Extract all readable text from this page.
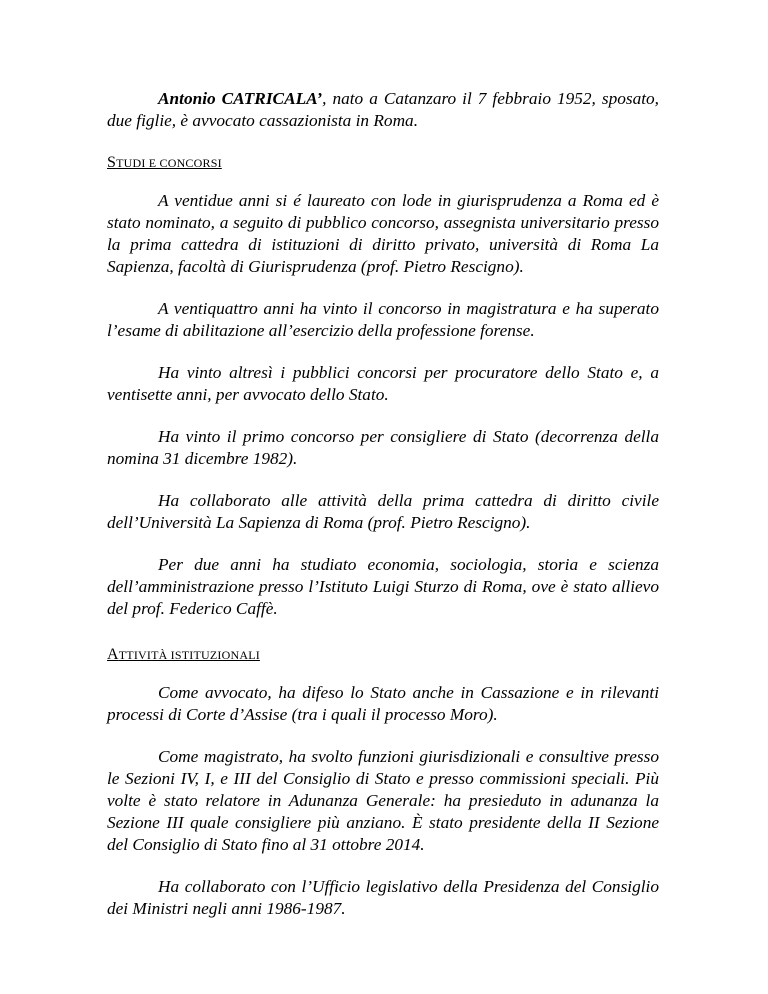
Antonio CATRICALA’, nato a Catanzaro il 7 febbraio 1952, sposato, due figlie, è avvocato cassazionista in Roma.

STUDI E CONCORSI

A ventidue anni si é laureato con lode in giurisprudenza a Roma ed è stato nominato, a seguito di pubblico concorso, assegnista universitario presso la prima cattedra di istituzioni di diritto privato, università di Roma La Sapienza, facoltà di Giurisprudenza (prof. Pietro Rescigno).

A ventiquattro anni ha vinto il concorso in magistratura e ha superato l’esame di abilitazione all’esercizio della professione forense.

Ha vinto altresì i pubblici concorsi per procuratore dello Stato e, a ventisette anni, per avvocato dello Stato.

Ha vinto il primo concorso per consigliere di Stato (decorrenza della nomina 31 dicembre 1982).

Ha collaborato alle attività della prima cattedra di diritto civile dell’Università La Sapienza di Roma (prof. Pietro Rescigno).

Per due anni ha studiato economia, sociologia, storia e scienza dell’amministrazione presso l’Istituto Luigi Sturzo di Roma, ove è stato allievo del prof. Federico Caffè.

ATTIVITÀ ISTITUZIONALI

Come avvocato, ha difeso lo Stato anche in Cassazione e in rilevanti processi di Corte d’Assise (tra i quali il processo Moro).

Come magistrato, ha svolto funzioni giurisdizionali e consultive presso le Sezioni IV, I, e III del Consiglio di Stato e presso commissioni speciali. Più volte è stato relatore in Adunanza Generale: ha presieduto in adunanza la Sezione III quale consigliere più anziano. È stato presidente della II Sezione del Consiglio di Stato fino al 31 ottobre 2014.

Ha collaborato con l’Ufficio legislativo della Presidenza del Consiglio dei Ministri negli anni 1986-1987.
